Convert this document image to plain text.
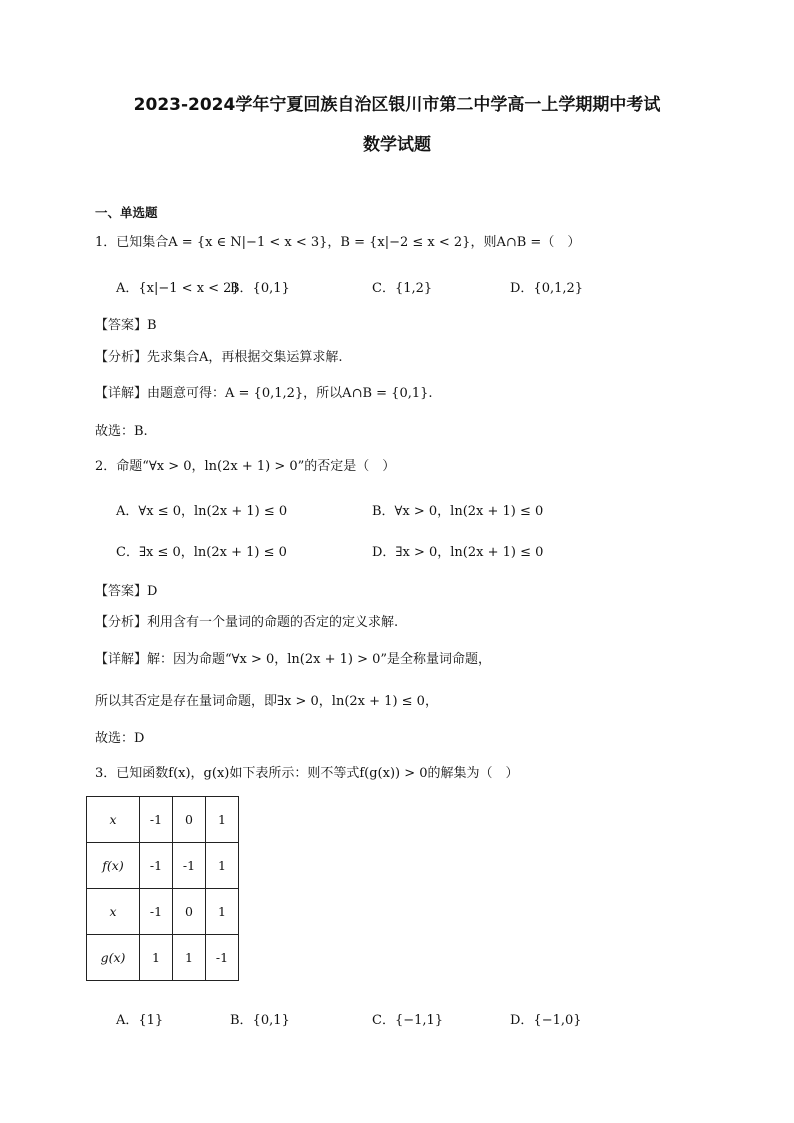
2023-2024学年宁夏回族自治区银川市第二中学高一上学期期中考试
数学试题
一、单选题
1．已知集合A = {x ∈ N|−1 < x < 3}，B = {x|−2 ≤ x < 2}，则A∩B =（　）
A．{x|−1 < x < 2}
B．{0,1}	C．{1,2}	D．{0,1,2}
【答案】B
【分析】先求集合A，再根据交集运算求解.
【详解】由题意可得：A = {0,1,2}，所以A∩B = {0,1}.
故选：B.
2．命题“∀x > 0，ln(2x + 1) > 0”的否定是（　）
A．∀x ≤ 0，ln(2x + 1) ≤ 0	B．∀x > 0，ln(2x + 1) ≤ 0
C．∃x ≤ 0，ln(2x + 1) ≤ 0	D．∃x > 0，ln(2x + 1) ≤ 0
【答案】D
【分析】利用含有一个量词的命题的否定的定义求解.
【详解】解：因为命题“∀x > 0，ln(2x + 1) > 0”是全称量词命题，
所以其否定是存在量词命题，即∃x > 0，ln(2x + 1) ≤ 0，
故选：D
3．已知函数f(x)，g(x)如下表所示：则不等式f(g(x)) > 0的解集为（　）
x	-1	0	1
f(x)	-1	-1	1
x	-1	0	1
g(x)	1	1	-1
A．{1}	B．{0,1}	C．{−1,1}	D．{−1,0}
